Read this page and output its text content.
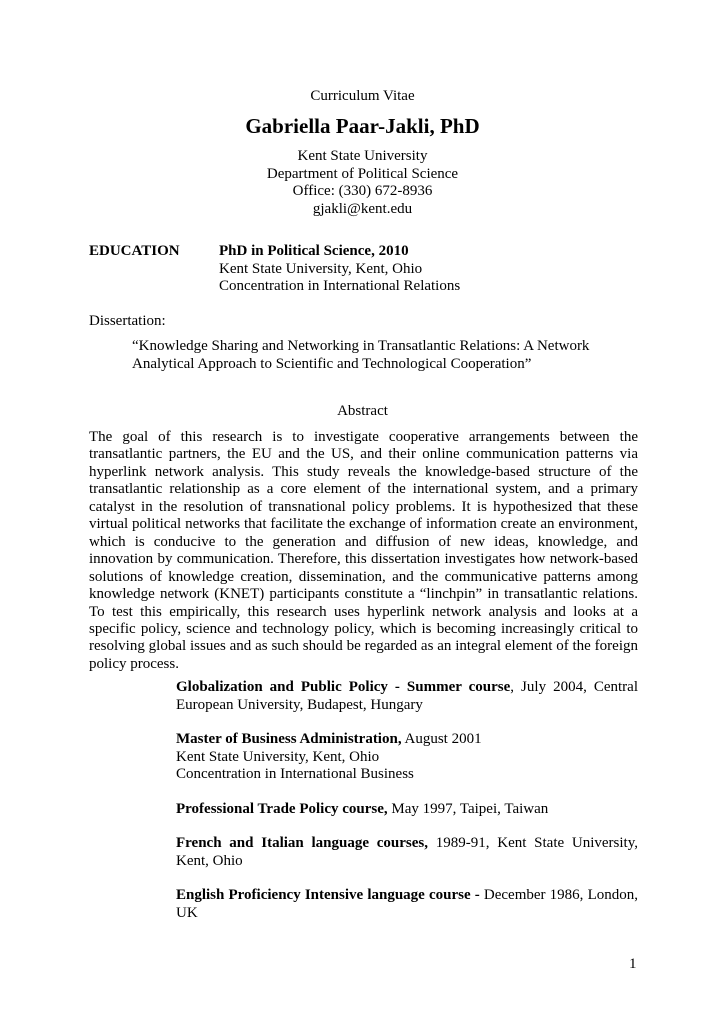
Curriculum Vitae
Gabriella Paar-Jakli, PhD
Kent State University
Department of Political Science
Office: (330) 672-8936
gjakli@kent.edu
EDUCATION	PhD in Political Science, 2010
Kent State University, Kent, Ohio
Concentration in International Relations
Dissertation:
“Knowledge Sharing and Networking in Transatlantic Relations: A Network Analytical Approach to Scientific and Technological Cooperation”
Abstract
The goal of this research is to investigate cooperative arrangements between the transatlantic partners, the EU and the US, and their online communication patterns via hyperlink network analysis. This study reveals the knowledge-based structure of the transatlantic relationship as a core element of the international system, and a primary catalyst in the resolution of transnational policy problems. It is hypothesized that these virtual political networks that facilitate the exchange of information create an environment, which is conducive to the generation and diffusion of new ideas, knowledge, and innovation by communication. Therefore, this dissertation investigates how network-based solutions of knowledge creation, dissemination, and the communicative patterns among knowledge network (KNET) participants constitute a “linchpin” in transatlantic relations. To test this empirically, this research uses hyperlink network analysis and looks at a specific policy, science and technology policy, which is becoming increasingly critical to resolving global issues and as such should be regarded as an integral element of the foreign policy process.
Globalization and Public Policy - Summer course, July 2004, Central European University, Budapest, Hungary
Master of Business Administration, August 2001
Kent State University, Kent, Ohio
Concentration in International Business
Professional Trade Policy course, May 1997, Taipei, Taiwan
French and Italian language courses, 1989-91, Kent State University, Kent, Ohio
English Proficiency Intensive language course - December 1986, London, UK
1
